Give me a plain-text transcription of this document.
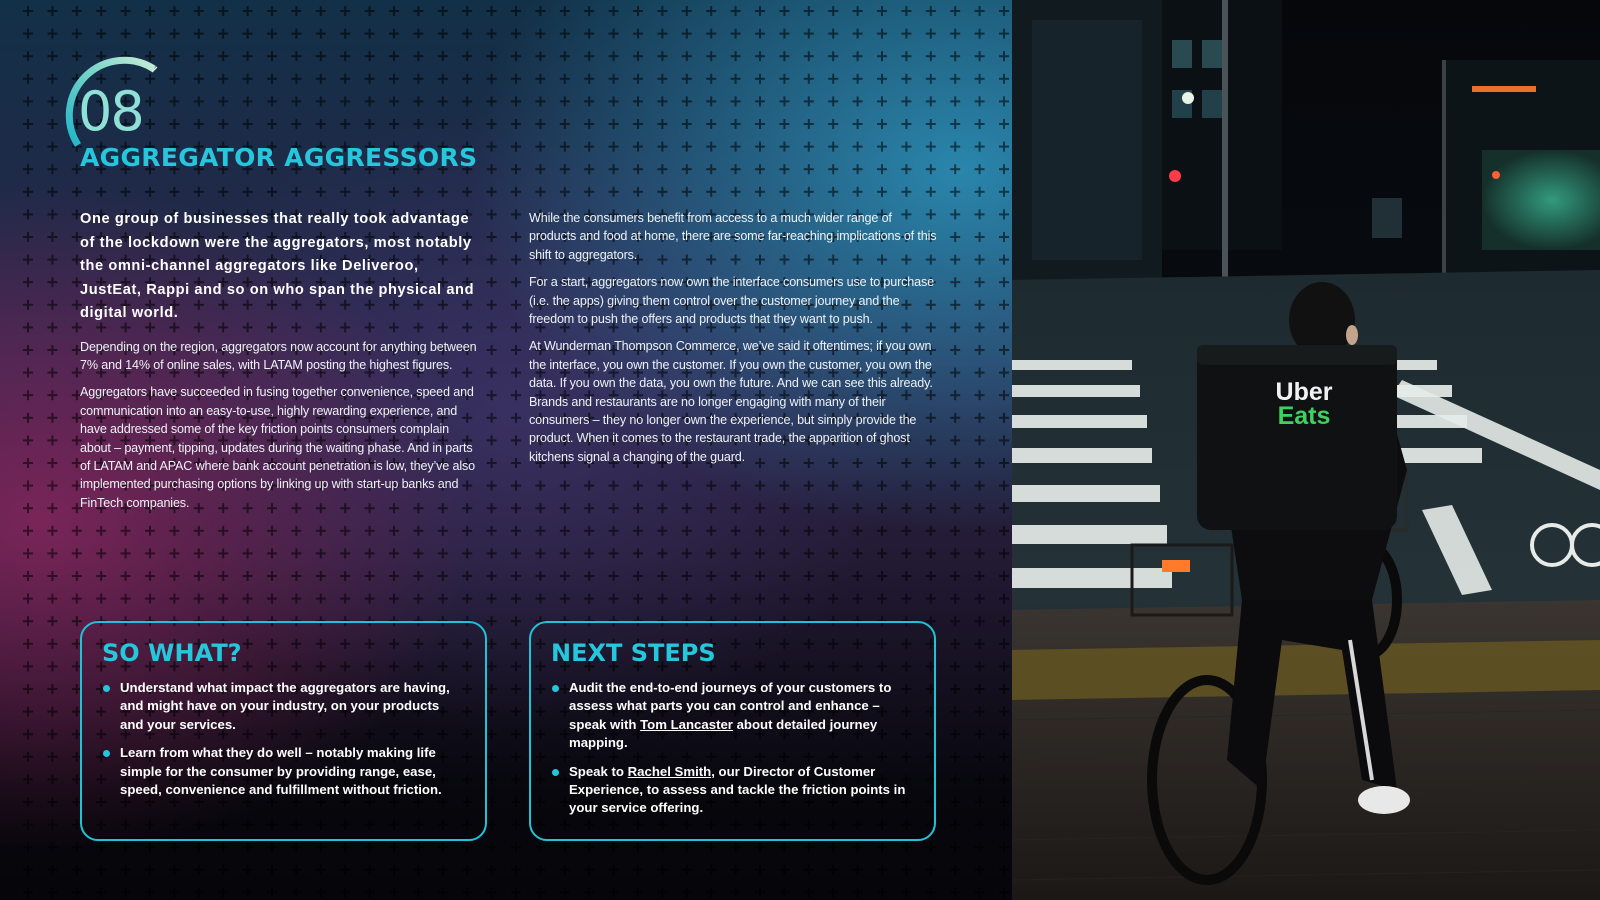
08
AGGREGATOR AGGRESSORS

One group of businesses that really took advantage of the lockdown were the aggregators, most notably the omni-channel aggregators like Deliveroo, JustEat, Rappi and so on who span the physical and digital world.

Depending on the region, aggregators now account for anything between 7% and 14% of online sales, with LATAM posting the highest figures.

Aggregators have succeeded in fusing together convenience, speed and communication into an easy-to-use, highly rewarding experience, and have addressed some of the key friction points consumers complain about – payment, tipping, updates during the waiting phase. And in parts of LATAM and APAC where bank account penetration is low, they’ve also implemented purchasing options by linking up with start-up banks and FinTech companies.

While the consumers benefit from access to a much wider range of products and food at home, there are some far-reaching implications of this shift to aggregators.

For a start, aggregators now own the interface consumers use to purchase (i.e. the apps) giving them control over the customer journey and the freedom to push the offers and products that they want to push.

At Wunderman Thompson Commerce, we’ve said it oftentimes; if you own the interface, you own the customer. If you own the customer, you own the data. If you own the data, you own the future. And we can see this already. Brands and restaurants are no longer engaging with many of their consumers – they no longer own the experience, but simply provide the product. When it comes to the restaurant trade, the apparition of ghost kitchens signal a changing of the guard.

SO WHAT?
Understand what impact the aggregators are having, and might have on your industry, on your products and your services.
Learn from what they do well – notably making life simple for the consumer by providing range, ease, speed, convenience and fulfillment without friction.
NEXT STEPS
Audit the end-to-end journeys of your customers to assess what parts you can control and enhance – speak with Tom Lancaster about detailed journey mapping.
Speak to Rachel Smith, our Director of Customer Experience, to assess and tackle the friction points in your service offering.
Uber
Eats
